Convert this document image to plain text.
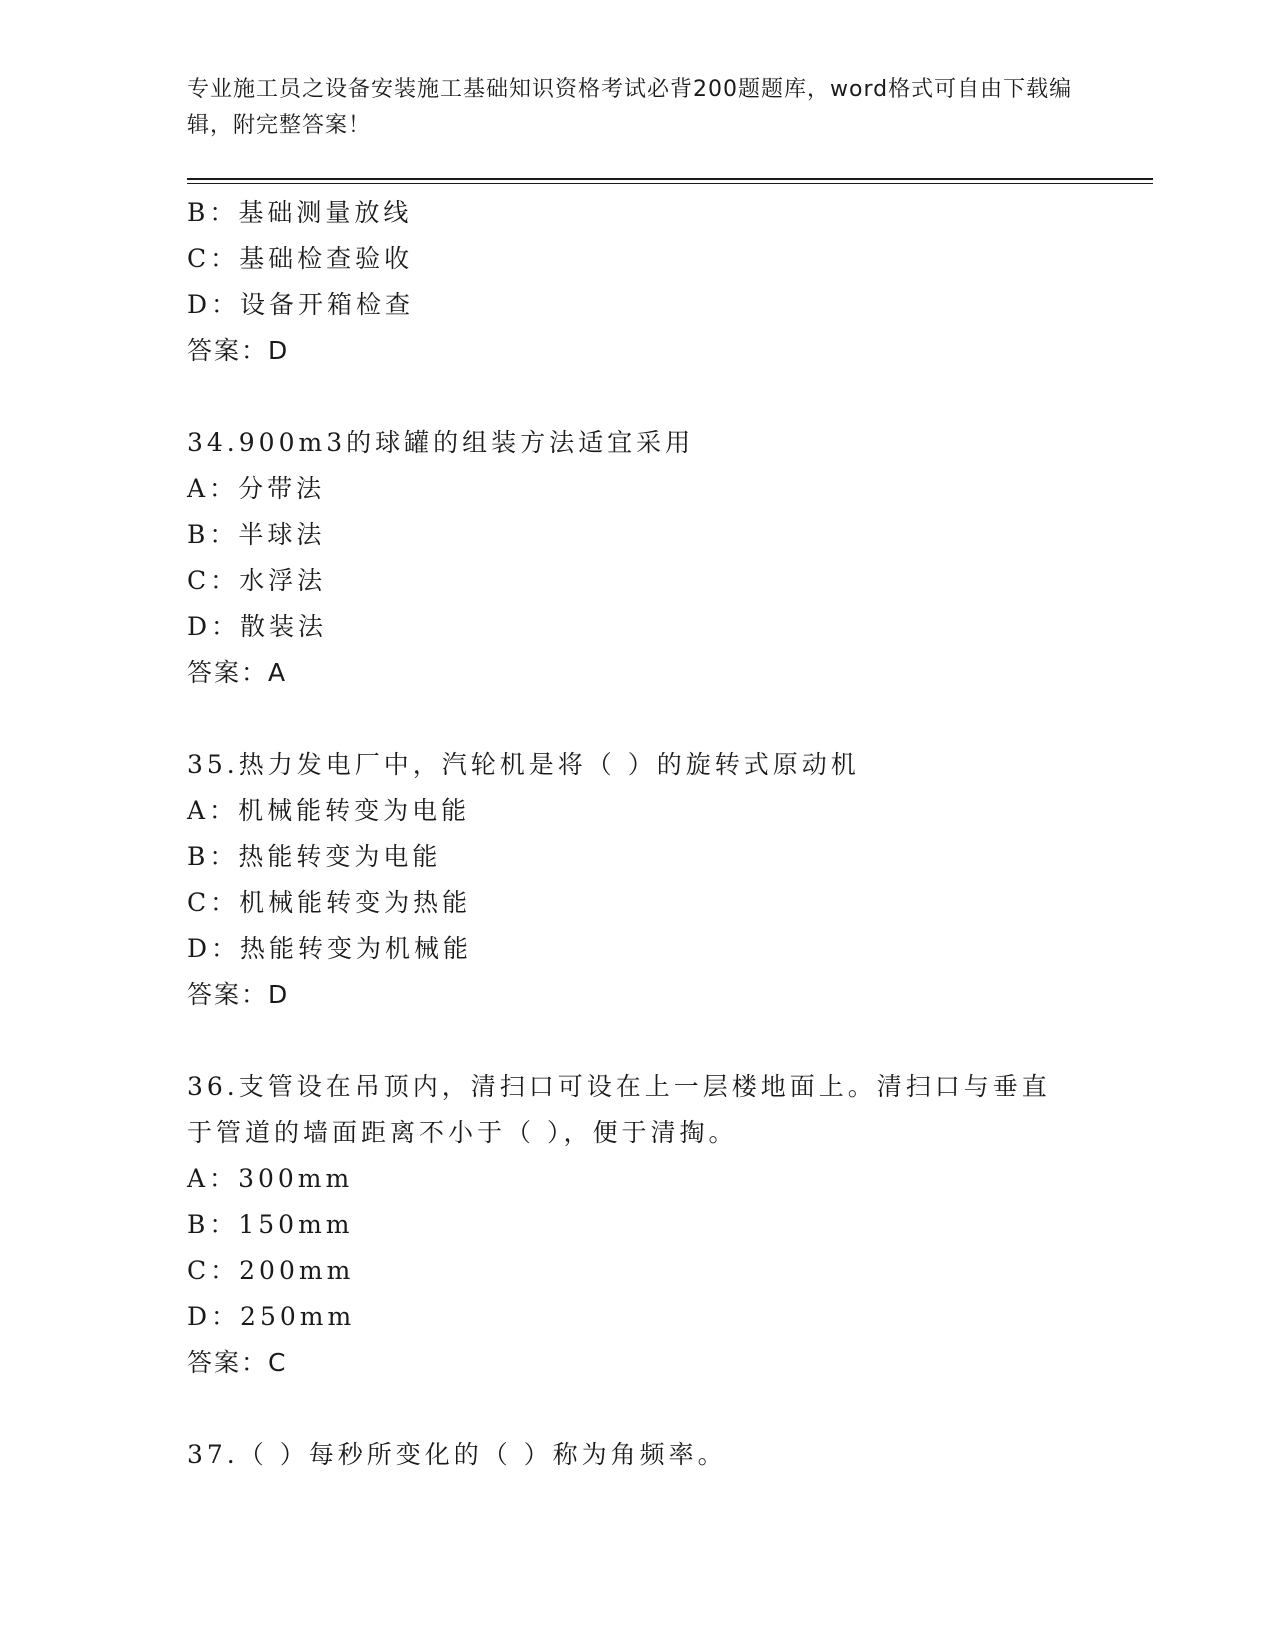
专业施工员之设备安装施工基础知识资格考试必背200题题库，word格式可自由下载编辑，附完整答案！
B：基础测量放线
C：基础检查验收
D：设备开箱检查
答案：D
34.900m3的球罐的组装方法适宜采用
A：分带法
B：半球法
C：水浮法
D：散装法
答案：A
35.热力发电厂中，汽轮机是将（ ）的旋转式原动机
A：机械能转变为电能
B：热能转变为电能
C：机械能转变为热能
D：热能转变为机械能
答案：D
36.支管设在吊顶内，清扫口可设在上一层楼地面上。清扫口与垂直于管道的墙面距离不小于（ ），便于清掏。
A：300mm
B：150mm
C：200mm
D：250mm
答案：C
37.（ ）每秒所变化的（ ）称为角频率。
